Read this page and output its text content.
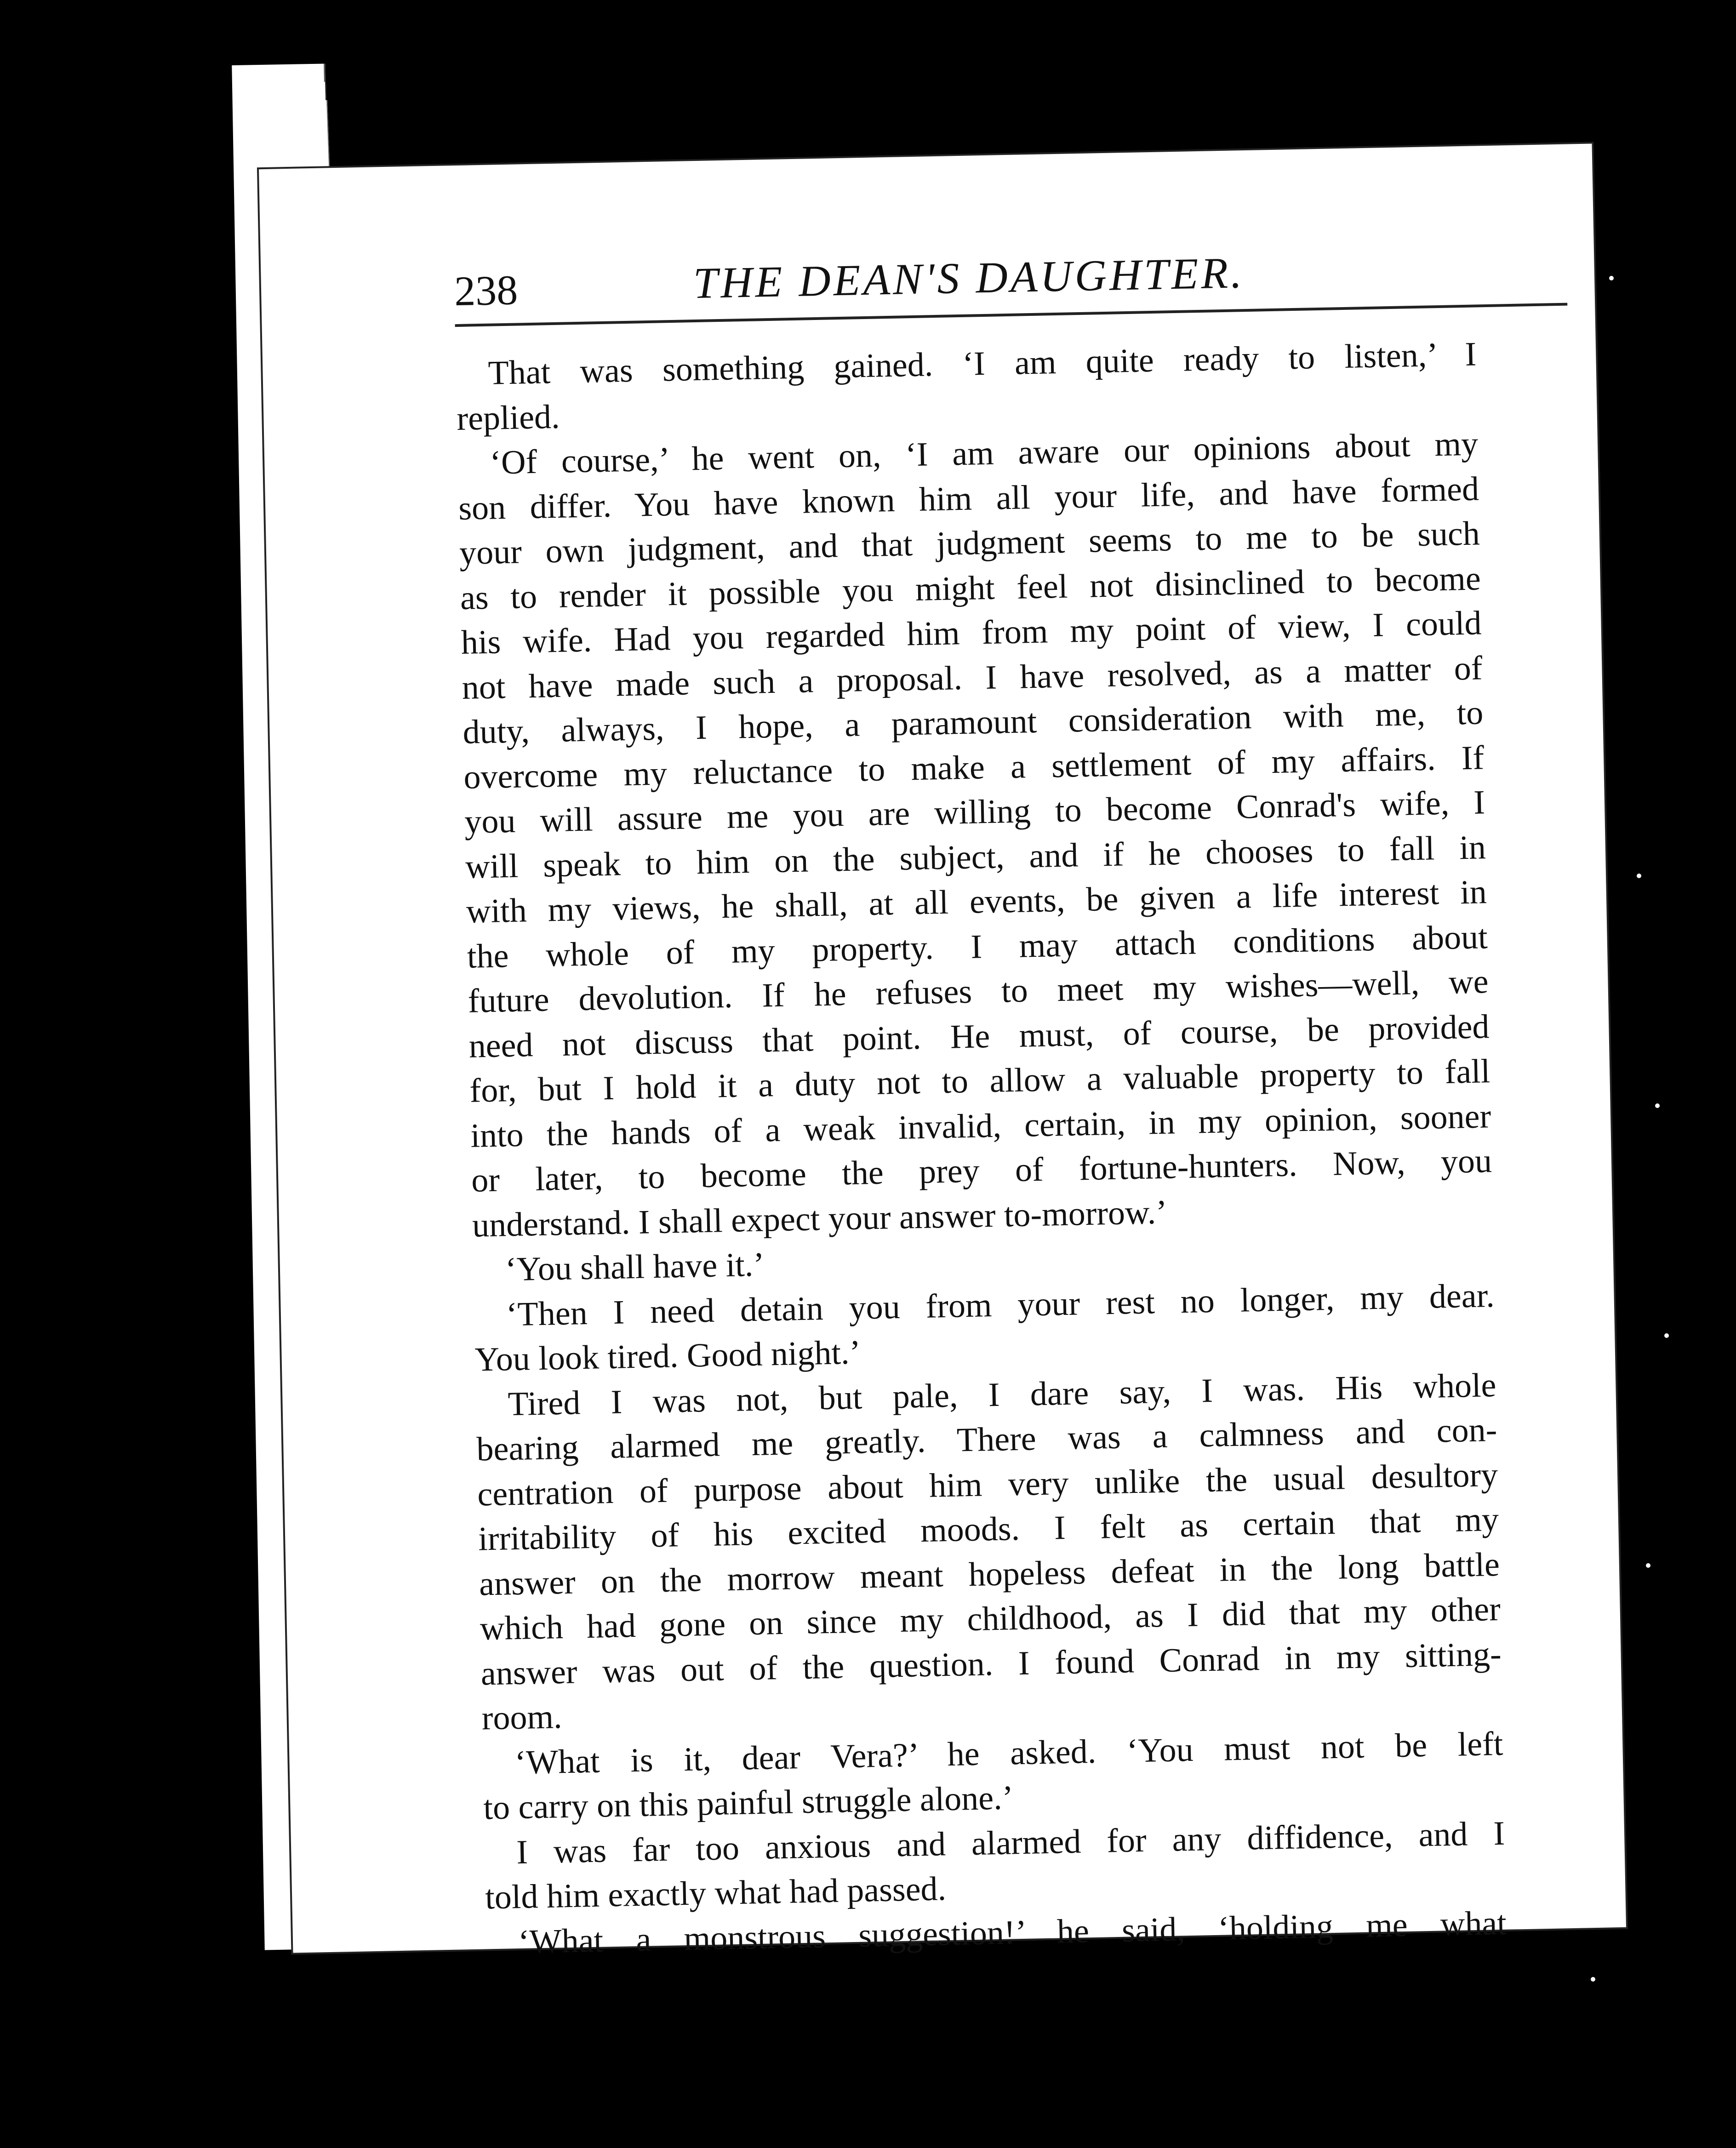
238	THE DEAN'S DAUGHTER.
That was something gained. ‘I am quite ready to listen,’ I
replied.
‘Of course,’ he went on, ‘I am aware our opinions about my
son differ. You have known him all your life, and have formed
your own judgment, and that judgment seems to me to be such
as to render it possible you might feel not disinclined to become
his wife. Had you regarded him from my point of view, I could
not have made such a proposal. I have resolved, as a matter of
duty, always, I hope, a paramount consideration with me, to
overcome my reluctance to make a settlement of my affairs. If
you will assure me you are willing to become Conrad's wife, I
will speak to him on the subject, and if he chooses to fall in
with my views, he shall, at all events, be given a life interest in
the whole of my property. I may attach conditions about
future devolution. If he refuses to meet my wishes—well, we
need not discuss that point. He must, of course, be provided
for, but I hold it a duty not to allow a valuable property to fall
into the hands of a weak invalid, certain, in my opinion, sooner
or later, to become the prey of fortune-hunters. Now, you
understand. I shall expect your answer to-morrow.’
‘You shall have it.’
‘Then I need detain you from your rest no longer, my dear.
You look tired. Good night.’
Tired I was not, but pale, I dare say, I was. His whole
bearing alarmed me greatly. There was a calmness and con-
centration of purpose about him very unlike the usual desultory
irritability of his excited moods. I felt as certain that my
answer on the morrow meant hopeless defeat in the long battle
which had gone on since my childhood, as I did that my other
answer was out of the question. I found Conrad in my sitting-
room.
‘What is it, dear Vera?’ he asked. ‘You must not be left
to carry on this painful struggle alone.’
I was far too anxious and alarmed for any diffidence, and I
told him exactly what had passed.
‘What a monstrous suggestion!’ he said, ‘holding me what
